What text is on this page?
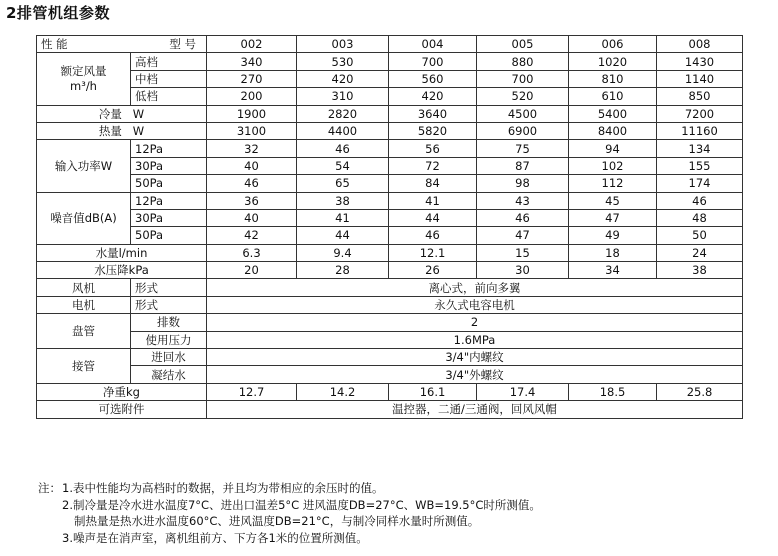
2排管机组参数
性 能 型 号		002	003	004	005	006	008
额定风量
m³/h	高档	340	530	700	880	1020	1430
	中档	270	420	560	700	810	1140
	低档	200	310	420	520	610	850
冷量 W		1900	2820	3640	4500	5400	7200
热量 W		3100	4400	5820	6900	8400	11160
输入功率W	12Pa	32	46	56	75	94	134
	30Pa	40	54	72	87	102	155
	50Pa	46	65	84	98	112	174
噪音值dB(A)	12Pa	36	38	41	43	45	46
	30Pa	40	41	44	46	47	48
	50Pa	42	44	46	47	49	50
水量l/min		6.3	9.4	12.1	15	18	24
水压降kPa		20	28	26	30	34	38
风机	形式	离心式，前向多翼					
电机	形式	永久式电容电机					
盘管	排数	2					
	使用压力	1.6MPa					
接管	进回水	3/4"内螺纹					
	凝结水	3/4"外螺纹					
净重kg		12.7	14.2	16.1	17.4	18.5	25.8
可选附件		温控器，二通/三通阀，回风风帽					
注：1.表中性能均为高档时的数据，并且均为带相应的余压时的值。
2.制冷量是冷水进水温度7°C、进出口温差5°C 进风温度DB=27°C、WB=19.5°C时所测值。
制热量是热水进水温度60°C、进风温度DB=21°C，与制冷同样水量时所测值。
3.噪声是在消声室，离机组前方、下方各1米的位置所测值。
